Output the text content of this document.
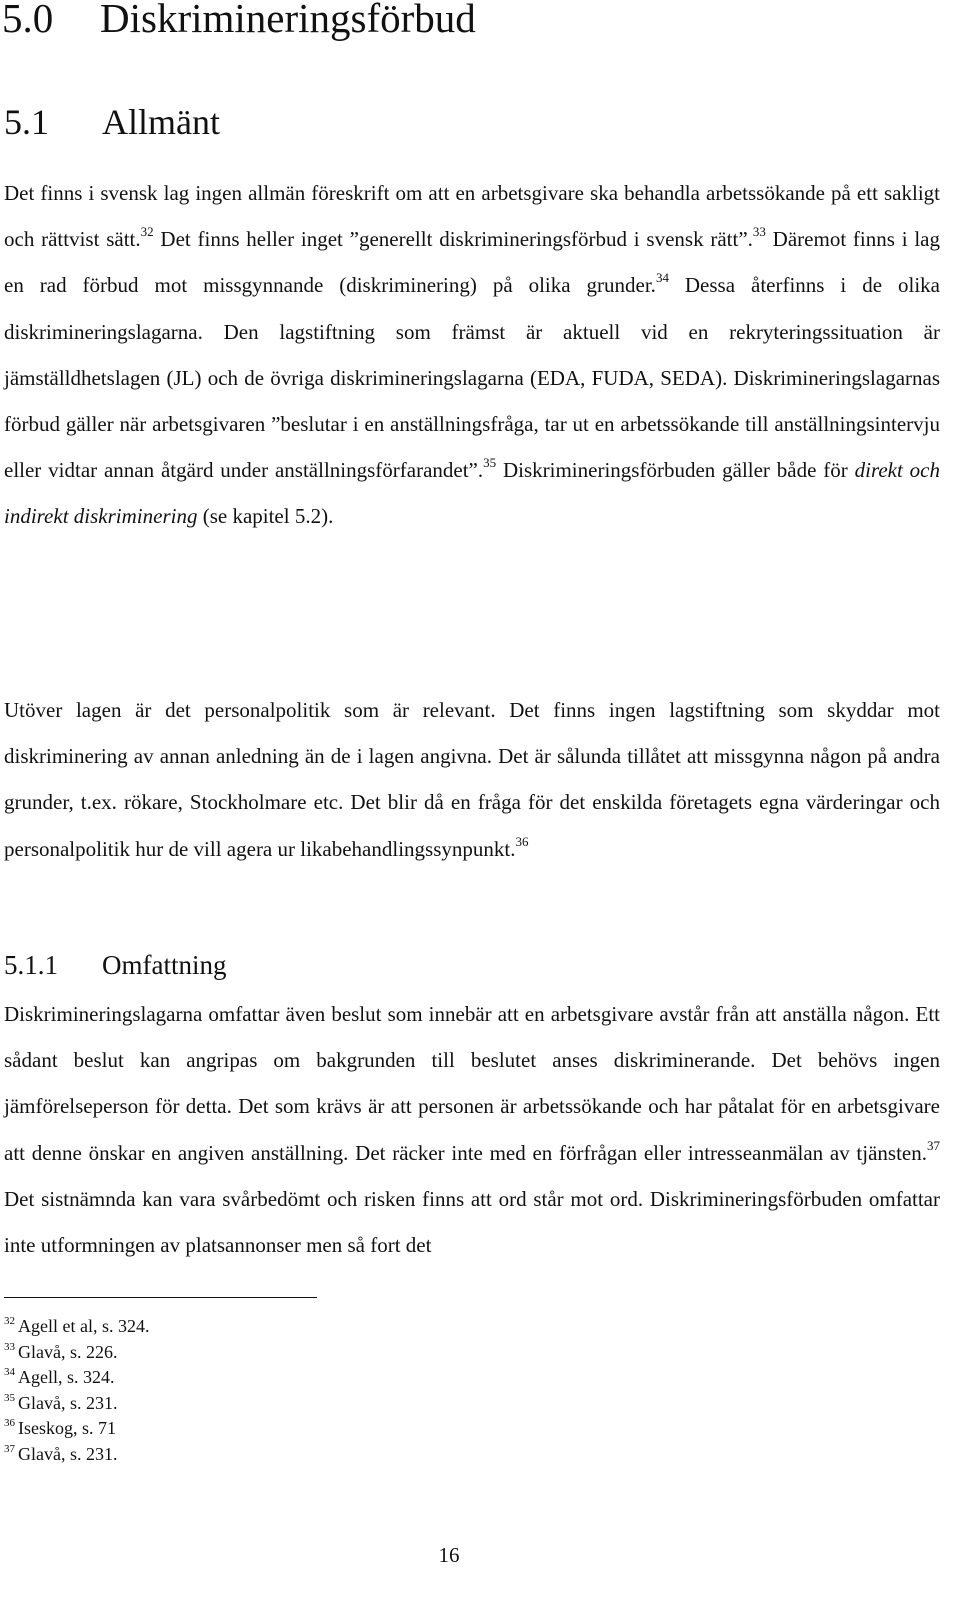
5.0 Diskrimineringsförbud
5.1 Allmänt

Det finns i svensk lag ingen allmän föreskrift om att en arbetsgivare ska behandla arbetssökande på ett sakligt och rättvist sätt.$^{32}$ Det finns heller inget ”generellt diskrimineringsförbud i svensk rätt”.$^{33}$ Däremot finns i lag en rad förbud mot missgynnande (diskriminering) på olika grunder.$^{34}$ Dessa återfinns i de olika diskrimineringslagarna. Den lagstiftning som främst är aktuell vid en rekryteringssituation är jämställdhetslagen (JL) och de övriga diskrimineringslagarna (EDA, FUDA, SEDA). Diskrimineringslagarnas förbud gäller när arbetsgivaren ”beslutar i en anställningsfråga, tar ut en arbetssökande till anställningsintervju eller vidtar annan åtgärd under anställningsförfarandet”.$^{35}$ Diskrimineringsförbuden gäller både för direkt och indirekt diskriminering (se kapitel 5.2).

Utöver lagen är det personalpolitik som är relevant. Det finns ingen lagstiftning som skyddar mot diskriminering av annan anledning än de i lagen angivna. Det är sålunda tillåtet att missgynna någon på andra grunder, t.ex. rökare, Stockholmare etc. Det blir då en fråga för det enskilda företagets egna värderingar och personalpolitik hur de vill agera ur likabehandlingssynpunkt.$^{36}$

5.1.1 Omfattning

Diskrimineringslagarna omfattar även beslut som innebär att en arbetsgivare avstår från att anställa någon. Ett sådant beslut kan angripas om bakgrunden till beslutet anses diskriminerande. Det behövs ingen jämförelseperson för detta. Det som krävs är att personen är arbetssökande och har påtalat för en arbetsgivare att denne önskar en angiven anställning. Det räcker inte med en förfrågan eller intresseanmälan av tjänsten.$^{37}$ Det sistnämnda kan vara svårbedömt och risken finns att ord står mot ord. Diskrimineringsförbuden omfattar inte utformningen av platsannonser men så fort det

$^{32}$ Agell et al, s. 324.
$^{33}$ Glavå, s. 226.
$^{34}$ Agell, s. 324.
$^{35}$ Glavå, s. 231.
$^{36}$ Iseskog, s. 71
$^{37}$ Glavå, s. 231.
16
